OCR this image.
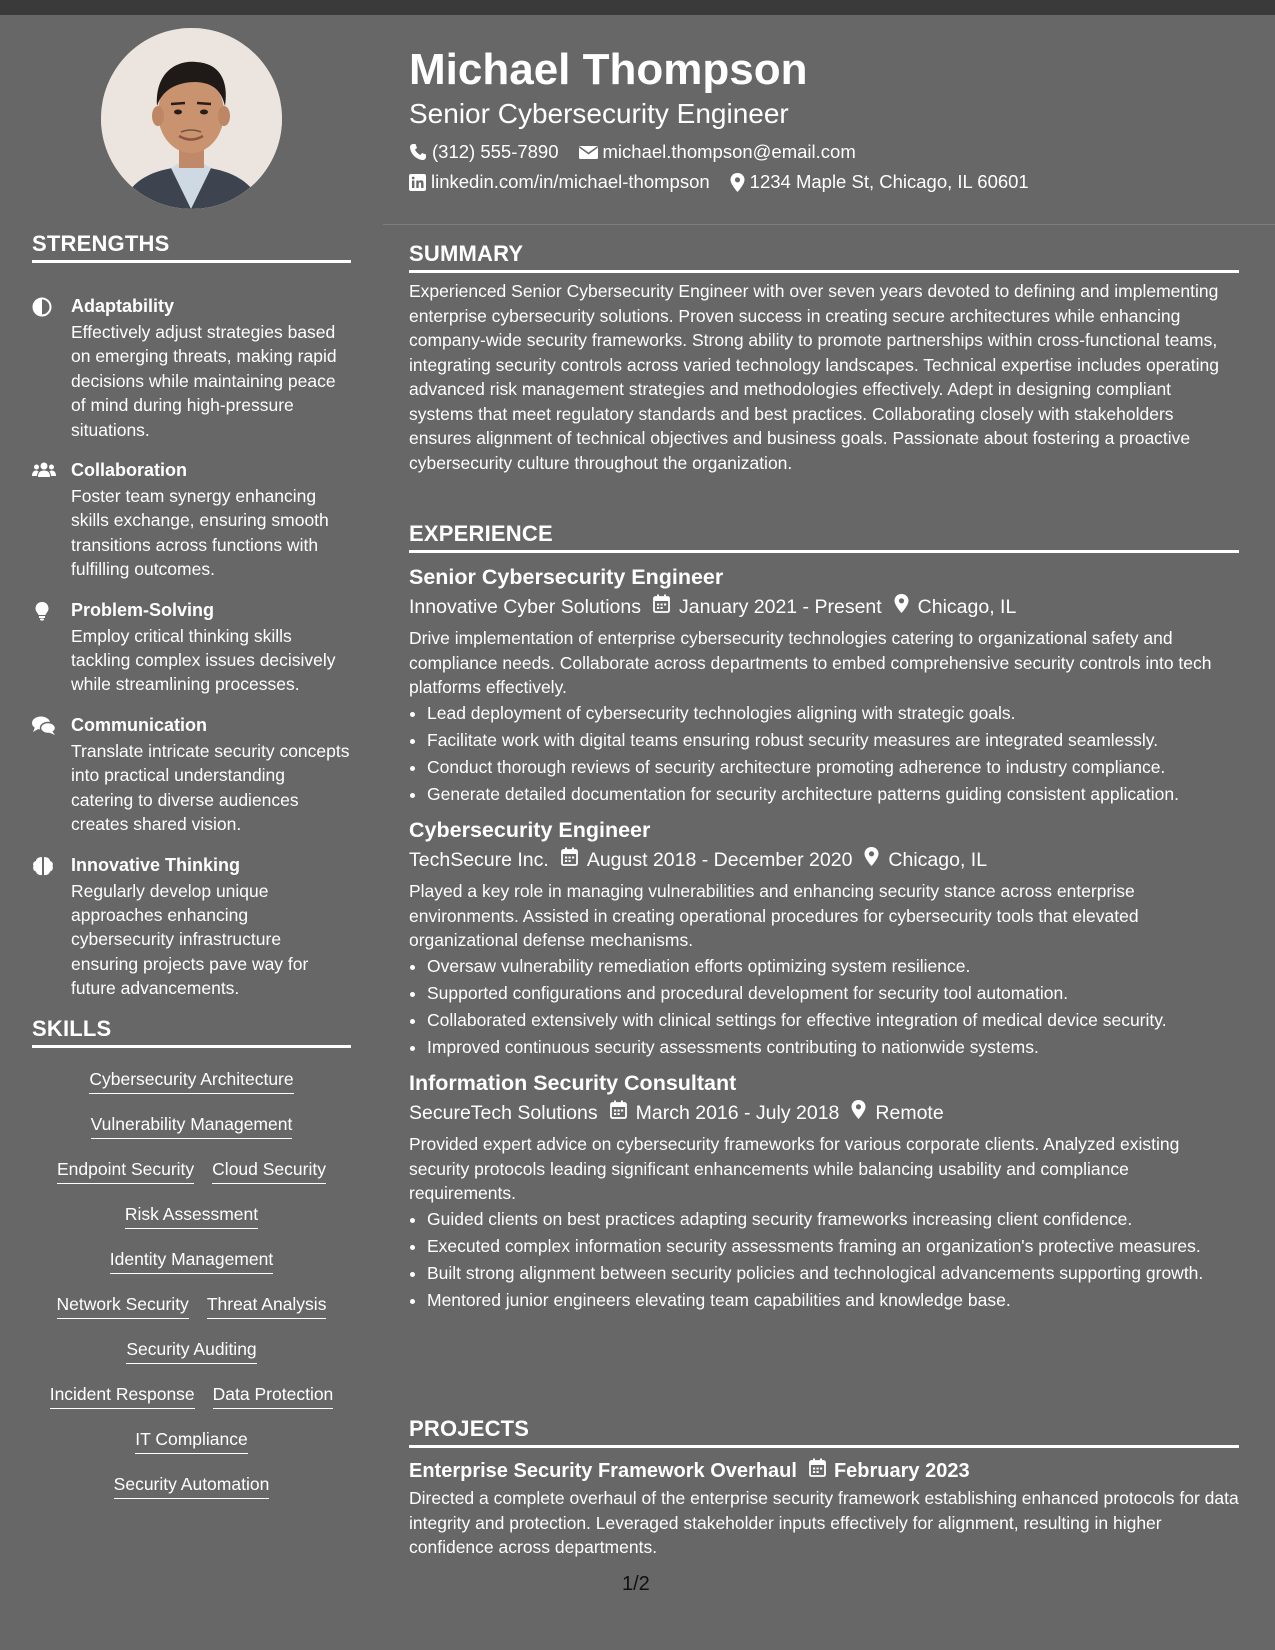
STRENGTHS
Adaptability
Effectively adjust strategies based on emerging threats, making rapid decisions while maintaining peace of mind during high-pressure situations.
Collaboration
Foster team synergy enhancing skills exchange, ensuring smooth transitions across functions with fulfilling outcomes.
Problem-Solving
Employ critical thinking skills tackling complex issues decisively while streamlining processes.
Communication
Translate intricate security concepts into practical understanding catering to diverse audiences creates shared vision.
Innovative Thinking
Regularly develop unique approaches enhancing cybersecurity infrastructure ensuring projects pave way for future advancements.
SKILLS
Cybersecurity Architecture
Vulnerability Management
Endpoint Security Cloud Security
Risk Assessment
Identity Management
Network Security Threat Analysis
Security Auditing
Incident Response Data Protection
IT Compliance
Security Automation
Michael Thompson
Senior Cybersecurity Engineer
(312) 555-7890 michael.thompson@email.com
linkedin.com/in/michael-thompson 1234 Maple St, Chicago, IL 60601
SUMMARY

Experienced Senior Cybersecurity Engineer with over seven years devoted to defining and implementing enterprise cybersecurity solutions. Proven success in creating secure architectures while enhancing company-wide security frameworks. Strong ability to promote partnerships within cross-functional teams, integrating security controls across varied technology landscapes. Technical expertise includes operating advanced risk management strategies and methodologies effectively. Adept in designing compliant systems that meet regulatory standards and best practices. Collaborating closely with stakeholders ensures alignment of technical objectives and business goals. Passionate about fostering a proactive cybersecurity culture throughout the organization.

EXPERIENCE
Senior Cybersecurity Engineer
Innovative Cyber Solutions January 2021 - Present Chicago, IL

Drive implementation of enterprise cybersecurity technologies catering to organizational safety and compliance needs. Collaborate across departments to embed comprehensive security controls into tech platforms effectively.

• Lead deployment of cybersecurity technologies aligning with strategic goals.
• Facilitate work with digital teams ensuring robust security measures are integrated seamlessly.
• Conduct thorough reviews of security architecture promoting adherence to industry compliance.
• Generate detailed documentation for security architecture patterns guiding consistent application.
Cybersecurity Engineer
TechSecure Inc. August 2018 - December 2020 Chicago, IL

Played a key role in managing vulnerabilities and enhancing security stance across enterprise environments. Assisted in creating operational procedures for cybersecurity tools that elevated organizational defense mechanisms.

• Oversaw vulnerability remediation efforts optimizing system resilience.
• Supported configurations and procedural development for security tool automation.
• Collaborated extensively with clinical settings for effective integration of medical device security.
• Improved continuous security assessments contributing to nationwide systems.
Information Security Consultant
SecureTech Solutions March 2016 - July 2018 Remote

Provided expert advice on cybersecurity frameworks for various corporate clients. Analyzed existing security protocols leading significant enhancements while balancing usability and compliance requirements.

• Guided clients on best practices adapting security frameworks increasing client confidence.
• Executed complex information security assessments framing an organization's protective measures.
• Built strong alignment between security policies and technological advancements supporting growth.
• Mentored junior engineers elevating team capabilities and knowledge base.
PROJECTS
Enterprise Security Framework Overhaul February 2023

Directed a complete overhaul of the enterprise security framework establishing enhanced protocols for data integrity and protection. Leveraged stakeholder inputs effectively for alignment, resulting in higher confidence across departments.

1/2
